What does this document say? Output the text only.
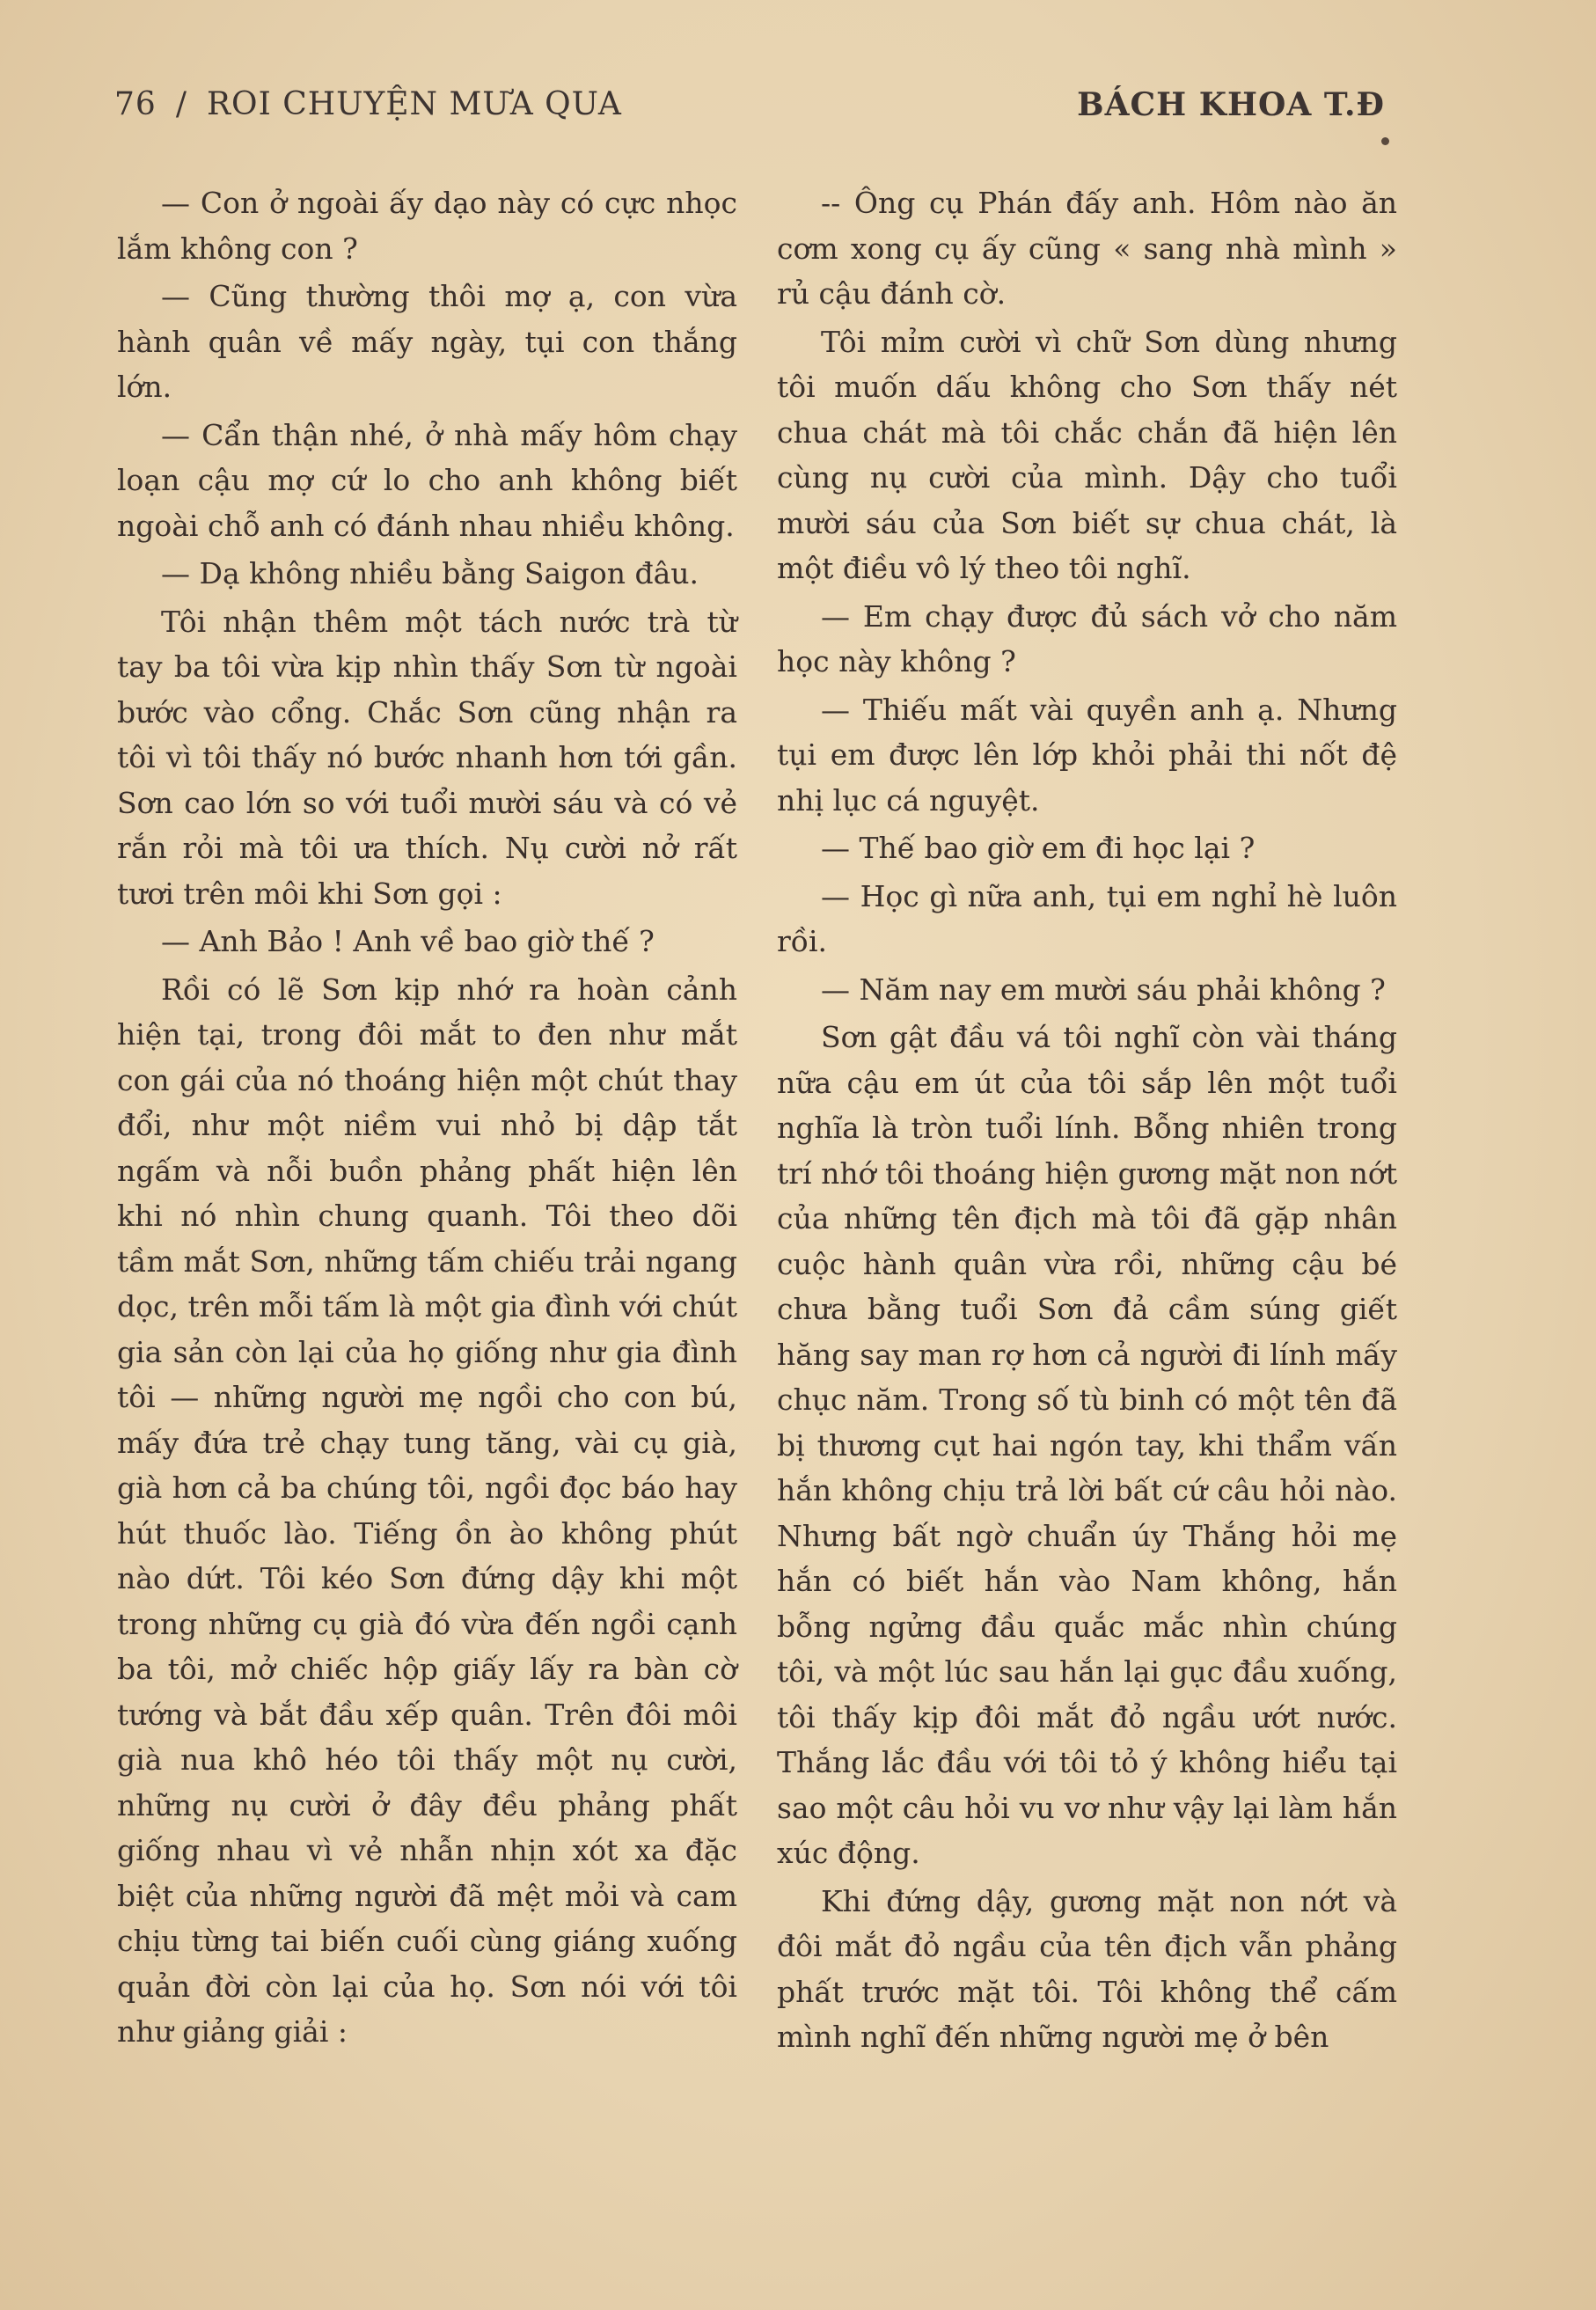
76 / ROI CHUYỆN MƯA QUA	BÁCH KHOA T.Đ

— Con ở ngoài ấy dạo này có cực nhọc lắm không con ?

— Cũng thường thôi mợ ạ, con vừa hành quân về mấy ngày, tụi con thắng lớn.

— Cẩn thận nhé, ở nhà mấy hôm chạy loạn cậu mợ cứ lo cho anh không biết ngoài chỗ anh có đánh nhau nhiều không.

— Dạ không nhiều bằng Saigon đâu.

Tôi nhận thêm một tách nước trà từ tay ba tôi vừa kịp nhìn thấy Sơn từ ngoài bước vào cổng. Chắc Sơn cũng nhận ra tôi vì tôi thấy nó bước nhanh hơn tới gần. Sơn cao lớn so với tuổi mười sáu và có vẻ rắn rỏi mà tôi ưa thích. Nụ cười nở rất tươi trên môi khi Sơn gọi :

— Anh Bảo ! Anh về bao giờ thế ?

Rồi có lẽ Sơn kịp nhớ ra hoàn cảnh hiện tại, trong đôi mắt to đen như mắt con gái của nó thoáng hiện một chút thay đổi, như một niềm vui nhỏ bị dập tắt ngấm và nỗi buồn phảng phất hiện lên khi nó nhìn chung quanh. Tôi theo dõi tầm mắt Sơn, những tấm chiếu trải ngang dọc, trên mỗi tấm là một gia đình với chút gia sản còn lại của họ giống như gia đình tôi — những người mẹ ngồi cho con bú, mấy đứa trẻ chạy tung tăng, vài cụ già, già hơn cả ba chúng tôi, ngồi đọc báo hay hút thuốc lào. Tiếng ồn ào không phút nào dứt. Tôi kéo Sơn đứng dậy khi một trong những cụ già đó vừa đến ngồi cạnh ba tôi, mở chiếc hộp giấy lấy ra bàn cờ tướng và bắt đầu xếp quân. Trên đôi môi già nua khô héo tôi thấy một nụ cười, những nụ cười ở đây đều phảng phất giống nhau vì vẻ nhẫn nhịn xót xa đặc biệt của những người đã mệt mỏi và cam chịu từng tai biến cuối cùng giáng xuống quản đời còn lại của họ. Sơn nói với tôi như giảng giải :

-- Ông cụ Phán đấy anh. Hôm nào ăn cơm xong cụ ấy cũng « sang nhà mình » rủ cậu đánh cờ.

Tôi mỉm cười vì chữ Sơn dùng nhưng tôi muốn dấu không cho Sơn thấy nét chua chát mà tôi chắc chắn đã hiện lên cùng nụ cười của mình. Dậy cho tuổi mười sáu của Sơn biết sự chua chát, là một điều vô lý theo tôi nghĩ.

— Em chạy được đủ sách vở cho năm học này không ?

— Thiếu mất vài quyền anh ạ. Nhưng tụi em được lên lớp khỏi phải thi nốt đệ nhị lục cá nguyệt.

— Thế bao giờ em đi học lại ?

— Học gì nữa anh, tụi em nghỉ hè luôn rồi.

— Năm nay em mười sáu phải không ?

Sơn gật đầu vá tôi nghĩ còn vài tháng nữa cậu em út của tôi sắp lên một tuổi nghĩa là tròn tuổi lính. Bỗng nhiên trong trí nhớ tôi thoáng hiện gương mặt non nớt của những tên địch mà tôi đã gặp nhân cuộc hành quân vừa rồi, những cậu bé chưa bằng tuổi Sơn đả cầm súng giết hăng say man rợ hơn cả người đi lính mấy chục năm. Trong số tù binh có một tên đã bị thương cụt hai ngón tay, khi thẩm vấn hắn không chịu trả lời bất cứ câu hỏi nào. Nhưng bất ngờ chuẩn úy Thắng hỏi mẹ hắn có biết hắn vào Nam không, hắn bỗng ngửng đầu quắc mắc nhìn chúng tôi, và một lúc sau hắn lại gục đầu xuống, tôi thấy kịp đôi mắt đỏ ngầu ướt nước. Thắng lắc đầu với tôi tỏ ý không hiểu tại sao một câu hỏi vu vơ như vậy lại làm hắn xúc động.

Khi đứng dậy, gương mặt non nớt và đôi mắt đỏ ngầu của tên địch vẫn phảng phất trước mặt tôi. Tôi không thể cấm mình nghĩ đến những người mẹ ở bên
